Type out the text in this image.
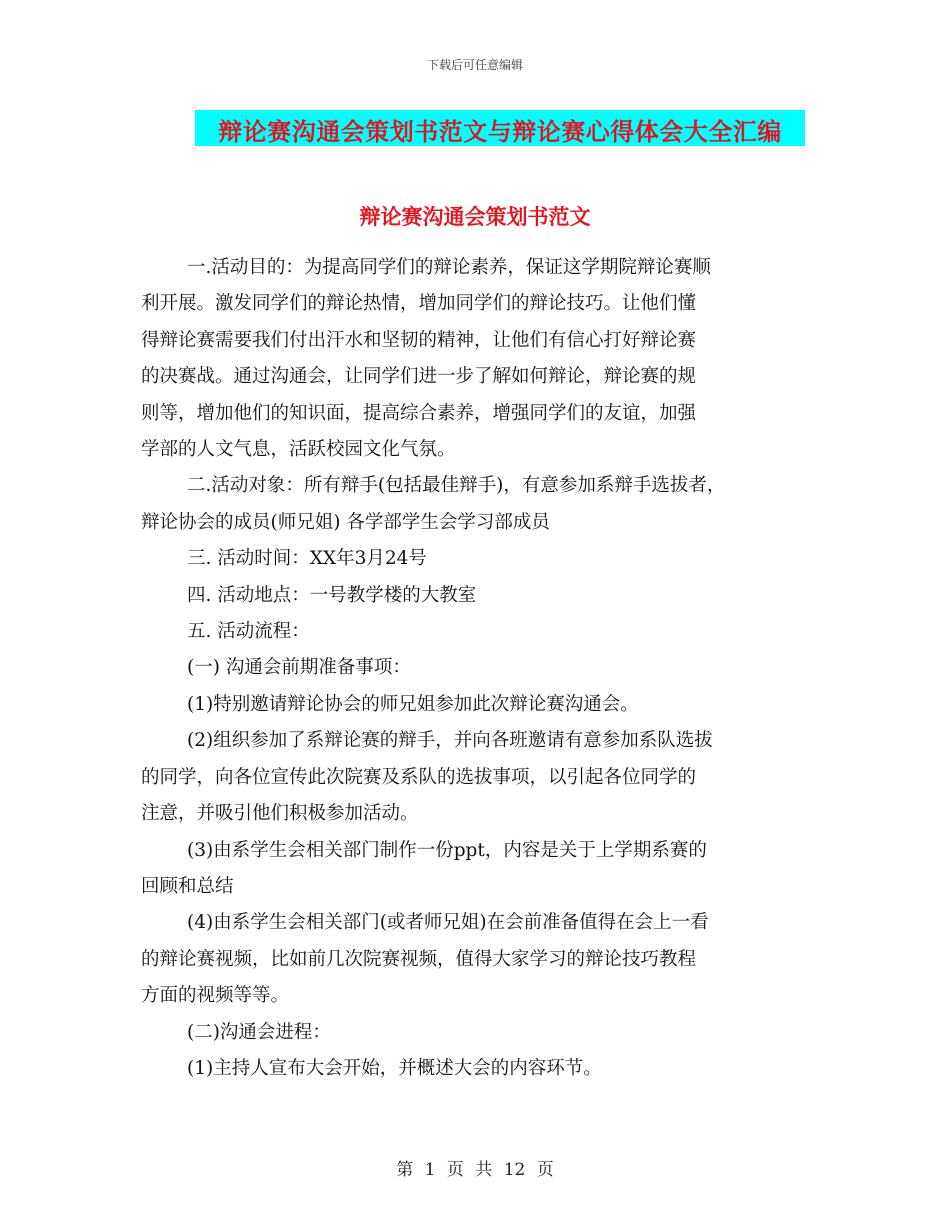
下载后可任意编辑
辩论赛沟通会策划书范文与辩论赛心得体会大全汇编
辩论赛沟通会策划书范文
一.活动目的：为提高同学们的辩论素养，保证这学期院辩论赛顺
利开展。激发同学们的辩论热情，增加同学们的辩论技巧。让他们懂
得辩论赛需要我们付出汗水和坚韧的精神，让他们有信心打好辩论赛
的决赛战。通过沟通会，让同学们进一步了解如何辩论，辩论赛的规
则等，增加他们的知识面，提高综合素养，增强同学们的友谊，加强
学部的人文气息，活跃校园文化气氛。
二.活动对象：所有辩手(包括最佳辩手)，有意参加系辩手选拔者，
辩论协会的成员(师兄姐) 各学部学生会学习部成员
三. 活动时间：XX年3月24号
四. 活动地点：一号教学楼的大教室
五. 活动流程：
(一) 沟通会前期准备事项：
(1)特别邀请辩论协会的师兄姐参加此次辩论赛沟通会。
(2)组织参加了系辩论赛的辩手，并向各班邀请有意参加系队选拔
的同学，向各位宣传此次院赛及系队的选拔事项，以引起各位同学的
注意，并吸引他们积极参加活动。
(3)由系学生会相关部门制作一份ppt，内容是关于上学期系赛的
回顾和总结
(4)由系学生会相关部门(或者师兄姐)在会前准备值得在会上一看
的辩论赛视频，比如前几次院赛视频，值得大家学习的辩论技巧教程
方面的视频等等。
(二)沟通会进程：
(1)主持人宣布大会开始，并概述大会的内容环节。
第 1 页 共 12 页
